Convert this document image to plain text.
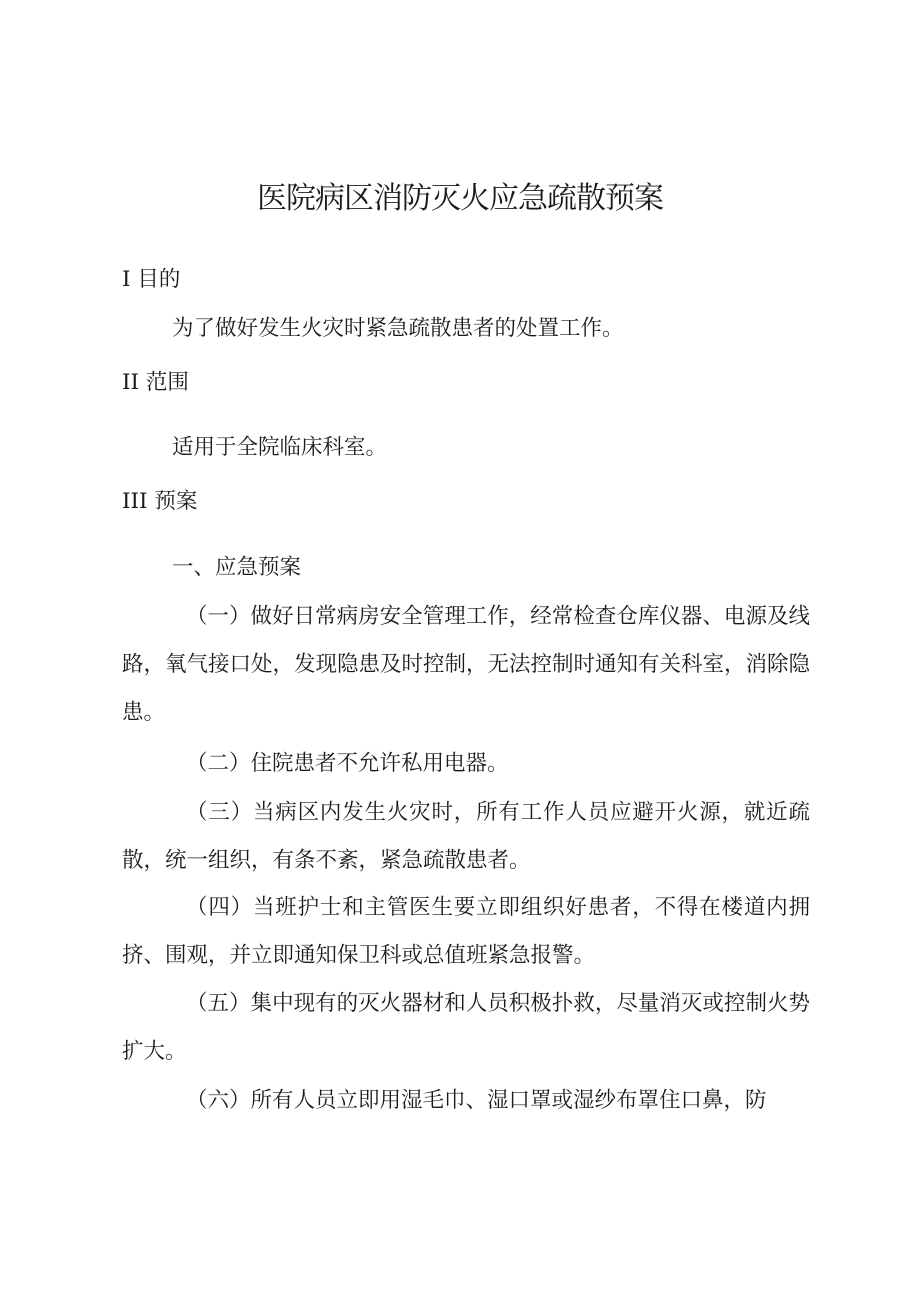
医院病区消防灭火应急疏散预案
I 目的
为了做好发生火灾时紧急疏散患者的处置工作。
II 范围
适用于全院临床科室。
III 预案
一、应急预案
（一）做好日常病房安全管理工作，经常检查仓库仪器、电源及线路，氧气接口处，发现隐患及时控制，无法控制时通知有关科室，消除隐患。
（二）住院患者不允许私用电器。
（三）当病区内发生火灾时，所有工作人员应避开火源，就近疏散，统一组织，有条不紊，紧急疏散患者。
（四）当班护士和主管医生要立即组织好患者，不得在楼道内拥挤、围观，并立即通知保卫科或总值班紧急报警。
（五）集中现有的灭火器材和人员积极扑救，尽量消灭或控制火势扩大。
（六）所有人员立即用湿毛巾、湿口罩或湿纱布罩住口鼻，防
